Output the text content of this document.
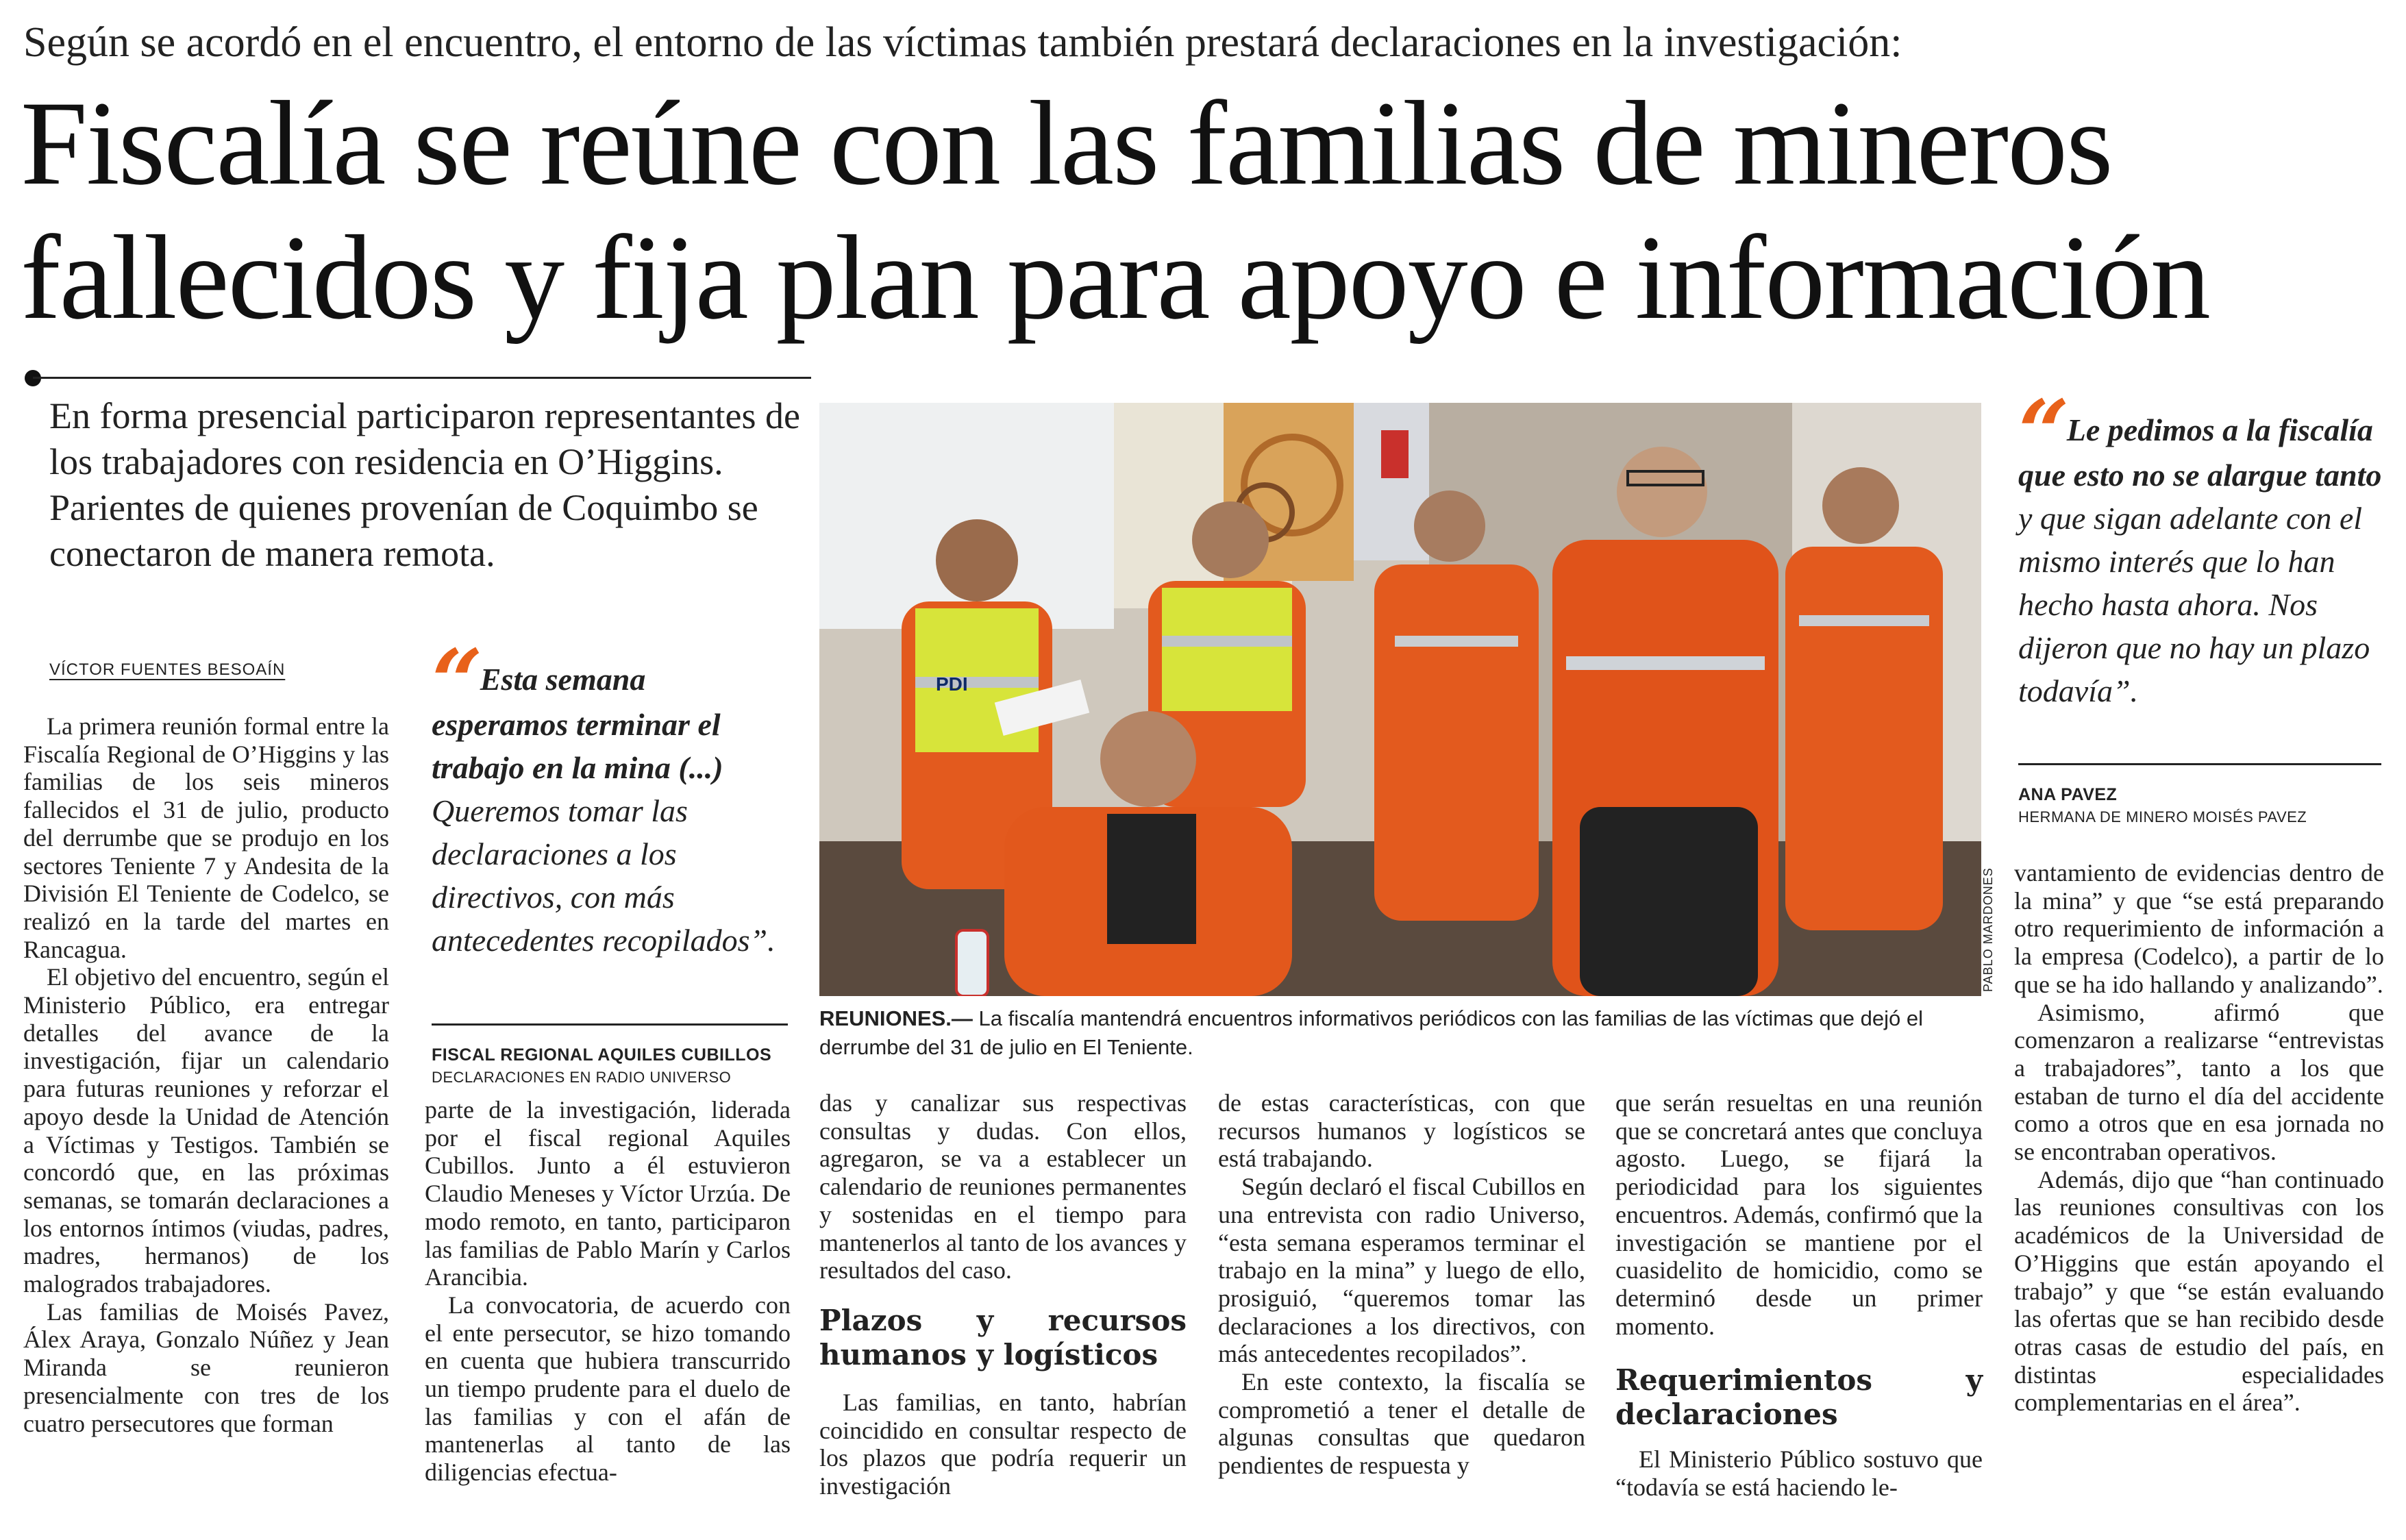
Según se acordó en el encuentro, el entorno de las víctimas también prestará declaraciones en la investigación:
Fiscalía se reúne con las familias de mineros
fallecidos y fija plan para apoyo e información
En forma presencial participaron representantes de los trabajadores con residencia en O’Higgins. Parientes de quienes provenían de Coquimbo se conectaron de manera remota.
VÍCTOR FUENTES BESOAÍN

La primera reunión formal entre la Fiscalía Regional de O’Higgins y las familias de los seis mineros fallecidos el 31 de julio, producto del derrumbe que se produjo en los sectores Teniente 7 y Andesita de la División El Teniente de Codelco, se realizó en la tarde del martes en Rancagua.

El objetivo del encuentro, según el Ministerio Público, era entregar detalles del avance de la investigación, fijar un calendario para futuras reuniones y reforzar el apoyo desde la Unidad de Atención a Víctimas y Testigos. También se concordó que, en las próximas semanas, se tomarán declaraciones a los entornos íntimos (viudas, padres, madres, hermanos) de los malogrados trabajadores.

Las familias de Moisés Pavez, Álex Araya, Gonzalo Núñez y Jean Miranda se reunieron presencialmente con tres de los cuatro persecutores que forman

“ Esta semana esperamos terminar el trabajo en la mina (...) Queremos tomar las declaraciones a los directivos, con más antecedentes recopilados”.
FISCAL REGIONAL AQUILES CUBILLOS
DECLARACIONES EN RADIO UNIVERSO

parte de la investigación, liderada por el fiscal regional Aquiles Cubillos. Junto a él estuvieron Claudio Meneses y Víctor Urzúa. De modo remoto, en tanto, participaron las familias de Pablo Marín y Carlos Arancibia.

La convocatoria, de acuerdo con el ente persecutor, se hizo tomando en cuenta que hubiera transcurrido un tiempo prudente para el duelo de las familias y con el afán de mantenerlas al tanto de las diligencias efectua-

PDI
PABLO MARDONES
REUNIONES.— La fiscalía mantendrá encuentros informativos periódicos con las familias de las víctimas que dejó el derrumbe del 31 de julio en El Teniente.

das y canalizar sus respectivas consultas y dudas. Con ellos, agregaron, se va a establecer un calendario de reuniones permanentes y sostenidas en el tiempo para mantenerlos al tanto de los avances y resultados del caso.

Plazos y recursos humanos y logísticos

Las familias, en tanto, habrían coincidido en consultar respecto de los plazos que podría requerir un investigación

de estas características, con que recursos humanos y logísticos se está trabajando.

Según declaró el fiscal Cubillos en una entrevista con radio Universo, “esta semana esperamos terminar el trabajo en la mina” y luego de ello, prosiguió, “queremos tomar las declaraciones a los directivos, con más antecedentes recopilados”.

En este contexto, la fiscalía se comprometió a tener el detalle de algunas consultas que quedaron pendientes de respuesta y

que serán resueltas en una reunión que se concretará antes que concluya agosto. Luego, se fijará la periodicidad para los siguientes encuentros. Además, confirmó que la investigación se mantiene por el cuasidelito de homicidio, como se determinó desde un primer momento.

Requerimientos y declaraciones

El Ministerio Público sostuvo que “todavía se está haciendo le-

“ Le pedimos a la fiscalía que esto no se alargue tanto y que sigan adelante con el mismo interés que lo han hecho hasta ahora. Nos dijeron que no hay un plazo todavía”.
ANA PAVEZ
HERMANA DE MINERO MOISÉS PAVEZ

vantamiento de evidencias dentro de la mina” y que “se está preparando otro requerimiento de información a la empresa (Codelco), a partir de lo que se ha ido hallando y analizando”.

Asimismo, afirmó que comenzaron a realizarse “entrevistas a trabajadores”, tanto a los que estaban de turno el día del accidente como a otros que en esa jornada no se encontraban operativos.

Además, dijo que “han continuado las reuniones consultivas con los académicos de la Universidad de O’Higgins que están apoyando el trabajo” y que “se están evaluando las ofertas que se han recibido desde otras casas de estudio del país, en distintas especialidades complementarias en el área”.
